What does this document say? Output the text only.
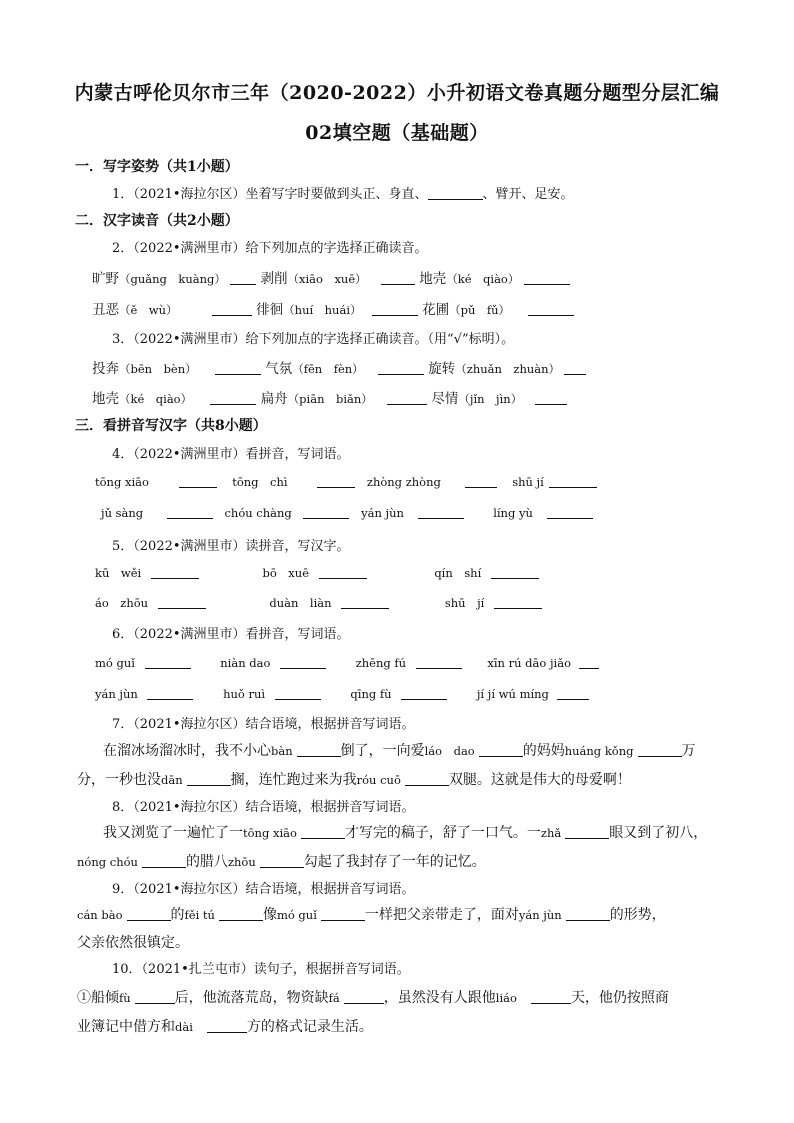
内蒙古呼伦贝尔市三年（2020-2022）小升初语文卷真题分题型分层汇编
02填空题（基础题）
一．写字姿势（共1小题）
1．（2021•海拉尔区）坐着写字时要做到头正、身直、	、臂开、足安。
二．汉字读音（共2小题）
2．（2022•满洲里市）给下列加点的字选择正确读音。
旷野（guǎng　kuàng）	剥削（xiāo　xuē）	地壳（ké　qiào）
丑恶（ě　wù）	徘徊（huí　huái）	花圃（pǔ　fǔ）
3．（2022•满洲里市）给下列加点的字选择正确读音。（用“√”标明）。
投奔（bēn　bèn）	气氛（fēn　fèn）	旋转（zhuǎn　zhuàn）
地壳（ké　qiào）	扁舟（piān　biǎn）	尽情（jǐn　jìn）
三．看拼音写汉字（共8小题）
4．（2022•满洲里市）看拼音，写词语。
tōng xiāo	tōng　chì	zhòng zhòng	shū jí
jǔ sàng	chóu chàng	yán jùn	líng yù
5．（2022•满洲里市）读拼音，写汉字。
kū　wěi	bō　xuē	qín　shí
áo　zhōu	duàn　liàn	shū　jí
6．（2022•满洲里市）看拼音，写词语。
mó guǐ	niàn dao	zhēng fú	xīn rú dāo jiǎo
yán jùn	huǒ ruì	qīng fù	jí jí wú míng
7．（2021•海拉尔区）结合语境，根据拼音写词语。
在溜冰场溜冰时，我不小心bàn	倒了，一向爱láo　dao	的妈妈huáng kǒng	万
分，一秒也没dān	搁，连忙跑过来为我róu cuō	双腿。这就是伟大的母爱啊！
8．（2021•海拉尔区）结合语境，根据拼音写词语。
我又浏览了一遍忙了一tōng xiāo	才写完的稿子，舒了一口气。一zhǎ	眼又到了初八，
nóng chóu	的腊八zhōu	勾起了我封存了一年的记忆。
9．（2021•海拉尔区）结合语境，根据拼音写词语。
cán bào	的fěi tú	像mó guǐ	一样把父亲带走了，面对yán jùn	的形势，
父亲依然很镇定。
10．（2021•扎兰屯市）读句子，根据拼音写词语。
①船倾fù	后，他流落荒岛，物资缺fá	，虽然没有人跟他liáo	天，他仍按照商
业簿记中借方和dài	方的格式记录生活。
